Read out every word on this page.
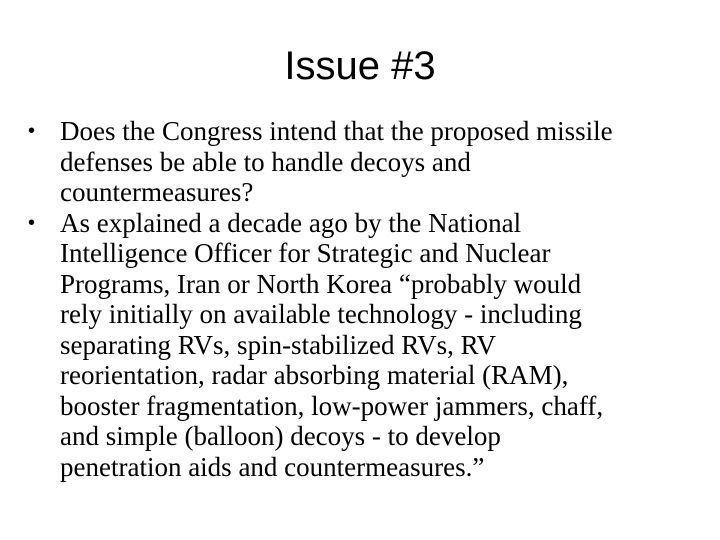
Issue #3
• Does the Congress intend that the proposed missile
defenses be able to handle decoys and
countermeasures?
• As explained a decade ago by the National
Intelligence Officer for Strategic and Nuclear
Programs, Iran or North Korea “probably would
rely initially on available technology - including
separating RVs, spin-stabilized RVs, RV
reorientation, radar absorbing material (RAM),
booster fragmentation, low-power jammers, chaff,
and simple (balloon) decoys - to develop
penetration aids and countermeasures.”
